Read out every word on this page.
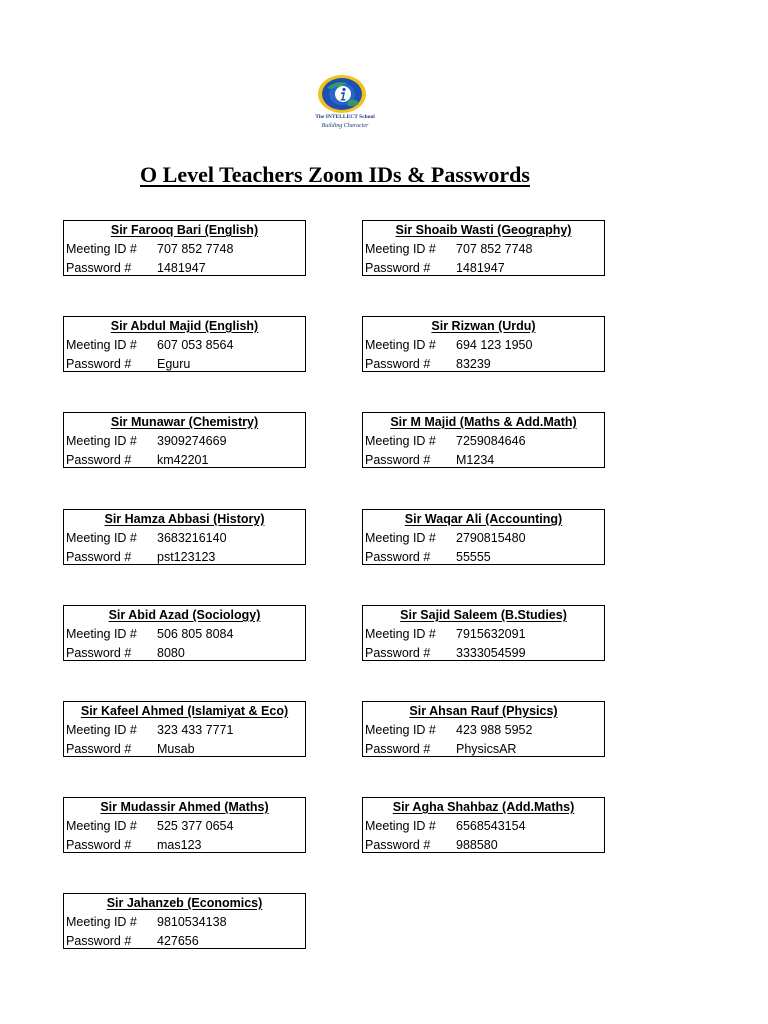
The INTELLECT School
Building Character
O Level Teachers Zoom IDs & Passwords
Sir Farooq Bari (English)
Meeting ID #	707 852 7748
Password #	1481947
Sir Shoaib Wasti (Geography)
Meeting ID #	707 852 7748
Password #	1481947
Sir Abdul Majid (English)
Meeting ID #	607 053 8564
Password #	Eguru
Sir Rizwan (Urdu)
Meeting ID #	694 123 1950
Password #	83239
Sir Munawar (Chemistry)
Meeting ID #	3909274669
Password #	km42201
Sir M Majid (Maths & Add.Math)
Meeting ID #	7259084646
Password #	M1234
Sir Hamza Abbasi (History)
Meeting ID #	3683216140
Password #	pst123123
Sir Waqar Ali (Accounting)
Meeting ID #	2790815480
Password #	55555
Sir Abid Azad (Sociology)
Meeting ID #	506 805 8084
Password #	8080
Sir Sajid Saleem (B.Studies)
Meeting ID #	7915632091
Password #	3333054599
Sir Kafeel Ahmed (Islamiyat & Eco)
Meeting ID #	323 433 7771
Password #	Musab
Sir Ahsan Rauf (Physics)
Meeting ID #	423 988 5952
Password #	PhysicsAR
Sir Mudassir Ahmed (Maths)
Meeting ID #	525 377 0654
Password #	mas123
Sir Agha Shahbaz (Add.Maths)
Meeting ID #	6568543154
Password #	988580
Sir Jahanzeb (Economics)
Meeting ID #	9810534138
Password #	427656
